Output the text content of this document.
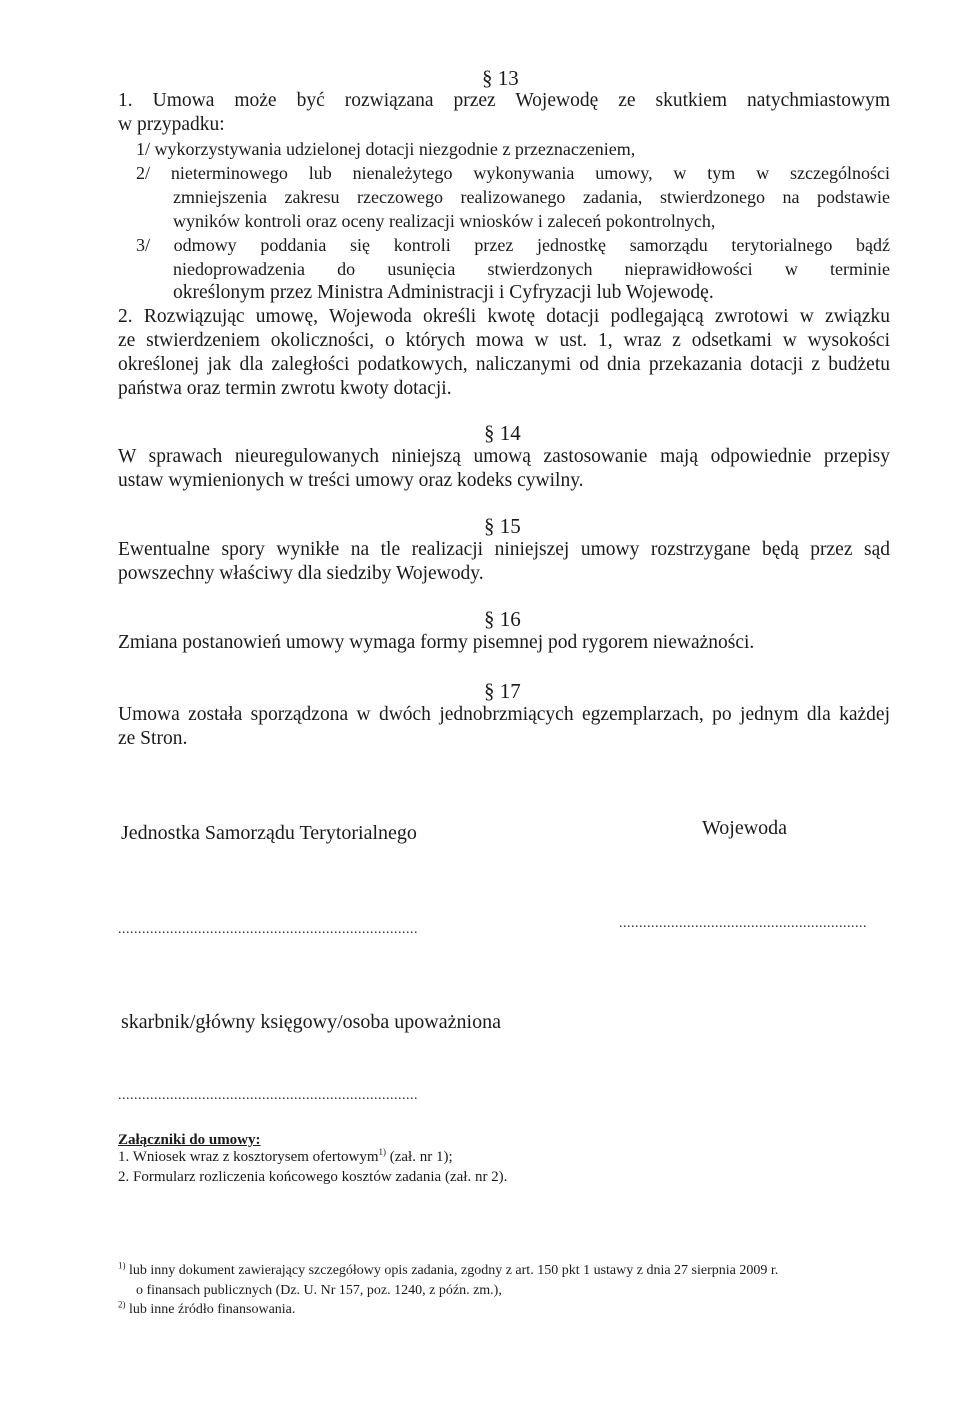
§ 13
1. Umowa może być rozwiązana przez Wojewodę ze skutkiem natychmiastowym
w przypadku:
1/ wykorzystywania udzielonej dotacji niezgodnie z przeznaczeniem,
2/ nieterminowego lub nienależytego wykonywania umowy, w tym w szczególności
zmniejszenia zakresu rzeczowego realizowanego zadania, stwierdzonego na podstawie
wyników kontroli oraz oceny realizacji wniosków i zaleceń pokontrolnych,
3/ odmowy poddania się kontroli przez jednostkę samorządu terytorialnego bądź
niedoprowadzenia do usunięcia stwierdzonych nieprawidłowości w terminie
określonym przez Ministra Administracji i Cyfryzacji lub Wojewodę.
2. Rozwiązując umowę, Wojewoda określi kwotę dotacji podlegającą zwrotowi w związku
ze stwierdzeniem okoliczności, o których mowa w ust. 1, wraz z odsetkami w wysokości
określonej jak dla zaległości podatkowych, naliczanymi od dnia przekazania dotacji z budżetu
państwa oraz termin zwrotu kwoty dotacji.
§ 14
W sprawach nieuregulowanych niniejszą umową zastosowanie mają odpowiednie przepisy
ustaw wymienionych w treści umowy oraz kodeks cywilny.
§ 15
Ewentualne spory wynikłe na tle realizacji niniejszej umowy rozstrzygane będą przez sąd
powszechny właściwy dla siedziby Wojewody.
§ 16
Zmiana postanowień umowy wymaga formy pisemnej pod rygorem nieważności.
§ 17
Umowa została sporządzona w dwóch jednobrzmiących egzemplarzach, po jednym dla każdej
ze Stron.
Jednostka Samorządu Terytorialnego	Wojewoda
...........................................................................	..............................................................
skarbnik/główny księgowy/osoba upoważniona
...........................................................................
Załączniki do umowy:
1. Wniosek wraz z kosztorysem ofertowym$^{1)}$ (zał. nr 1);
2. Formularz rozliczenia końcowego kosztów zadania (zał. nr 2).
$^{1)}$ lub inny dokument zawierający szczegółowy opis zadania, zgodny z art. 150 pkt 1 ustawy z dnia 27 sierpnia 2009 r.
o finansach publicznych (Dz. U. Nr 157, poz. 1240, z późn. zm.),
$^{2)}$ lub inne źródło finansowania.
